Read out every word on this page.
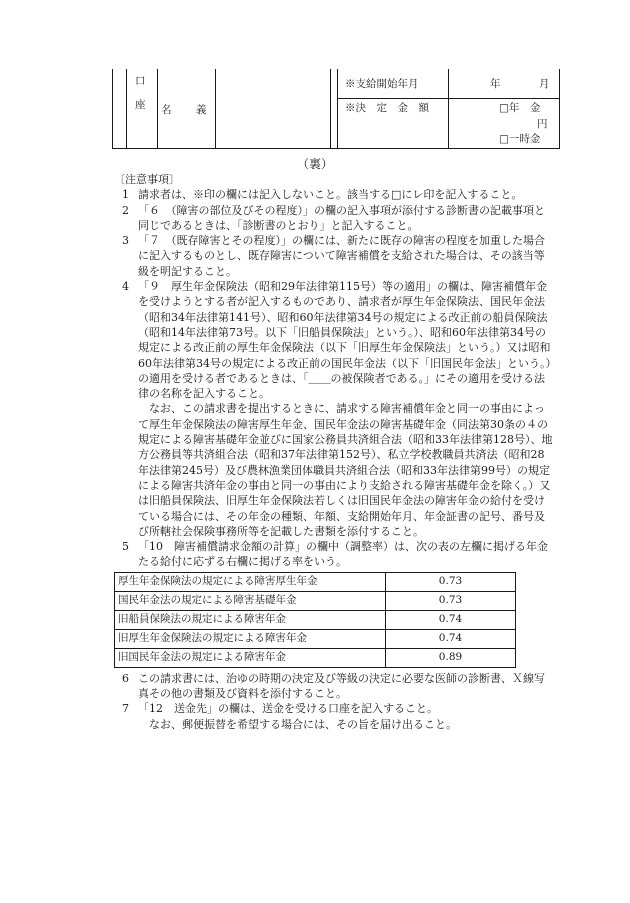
口
座 名 義
※支給開始年月	年	月
※決　定　金　額	□年　金
円
□一時金
（裏）

〔注意事項〕

1 請求者は、※印の欄には記入しないこと。該当する□にレ印を記入すること。

2 「６　（障害の部位及びその程度）」の欄の記入事項が添付する診断書の記載事項と同じであるときは、「診断書のとおり」と記入すること。

3 「７　（既存障害とその程度）」の欄には、新たに既存の障害の程度を加重した場合に記入するものとし、既存障害について障害補償を支給された場合は、その該当等級を明記すること。

4 「９　厚生年金保険法（昭和29年法律第115号）等の適用」の欄は、障害補償年金を受けようとする者が記入するものであり、請求者が厚生年金保険法、国民年金法（昭和34年法律第141号）、昭和60年法律第34号の規定による改正前の船員保険法（昭和14年法律第73号。以下「旧船員保険法」という。）、昭和60年法律第34号の規定による改正前の厚生年金保険法（以下「旧厚生年金保険法」という。）又は昭和60年法律第34号の規定による改正前の国民年金法（以下「旧国民年金法」という。）の適用を受ける者であるときは、「＿＿の被保険者である。」にその適用を受ける法律の名称を記入すること。

なお、この請求書を提出するときに、請求する障害補償年金と同一の事由によって厚生年金保険法の障害厚生年金、国民年金法の障害基礎年金（同法第30条の４の規定による障害基礎年金並びに国家公務員共済組合法（昭和33年法律第128号）、地方公務員等共済組合法（昭和37年法律第152号）、私立学校教職員共済法（昭和28年法律第245号）及び農林漁業団体職員共済組合法（昭和33年法律第99号）の規定による障害共済年金の事由と同一の事由により支給される障害基礎年金を除く。）又は旧船員保険法、旧厚生年金保険法若しくは旧国民年金法の障害年金の給付を受けている場合には、その年金の種類、年額、支給開始年月、年金証書の記号、番号及び所轄社会保険事務所等を記載した書類を添付すること。

5 「10　障害補償請求金額の計算」の欄中（調整率）は、次の表の左欄に掲げる年金たる給付に応ずる右欄に掲げる率をいう。

厚生年金保険法の規定による障害厚生年金	0.73
国民年金法の規定による障害基礎年金	0.73
旧船員保険法の規定による障害年金	0.74
旧厚生年金保険法の規定による障害年金	0.74
旧国民年金法の規定による障害年金	0.89
6 この請求書には、治ゆの時期の決定及び等級の決定に必要な医師の診断書、Ｘ線写真その他の書類及び資料を添付すること。

7 「12　送金先」の欄は、送金を受ける口座を記入すること。

なお、郵便振替を希望する場合には、その旨を届け出ること。
